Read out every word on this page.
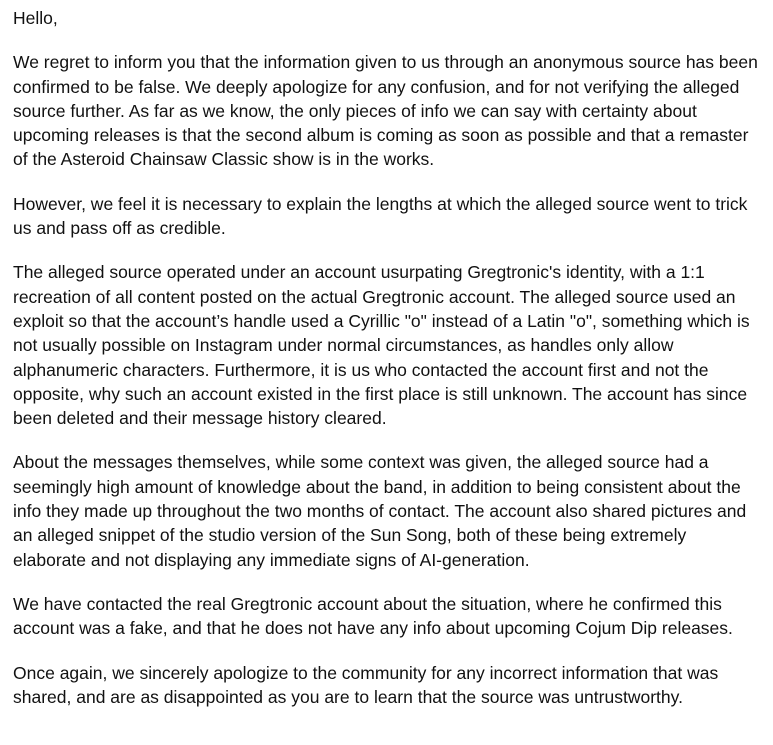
Hello,

We regret to inform you that the information given to us through an anonymous source has been confirmed to be false. We deeply apologize for any confusion, and for not verifying the alleged source further. As far as we know, the only pieces of info we can say with certainty about upcoming releases is that the second album is coming as soon as possible and that a remaster of the Asteroid Chainsaw Classic show is in the works.

However, we feel it is necessary to explain the lengths at which the alleged source went to trick us and pass off as credible.

The alleged source operated under an account usurpating Gregtronic's identity, with a 1:1 recreation of all content posted on the actual Gregtronic account. The alleged source used an exploit so that the account’s handle used a Cyrillic "о" instead of a Latin "o", something which is not usually possible on Instagram under normal circumstances, as handles only allow alphanumeric characters. Furthermore, it is us who contacted the account first and not the opposite, why such an account existed in the first place is still unknown. The account has since been deleted and their message history cleared.

About the messages themselves, while some context was given, the alleged source had a seemingly high amount of knowledge about the band, in addition to being consistent about the info they made up throughout the two months of contact. The account also shared pictures and an alleged snippet of the studio version of the Sun Song, both of these being extremely elaborate and not displaying any immediate signs of AI-generation.

We have contacted the real Gregtronic account about the situation, where he confirmed this account was a fake, and that he does not have any info about upcoming Cojum Dip releases.

Once again, we sincerely apologize to the community for any incorrect information that was shared, and are as disappointed as you are to learn that the source was untrustworthy.
